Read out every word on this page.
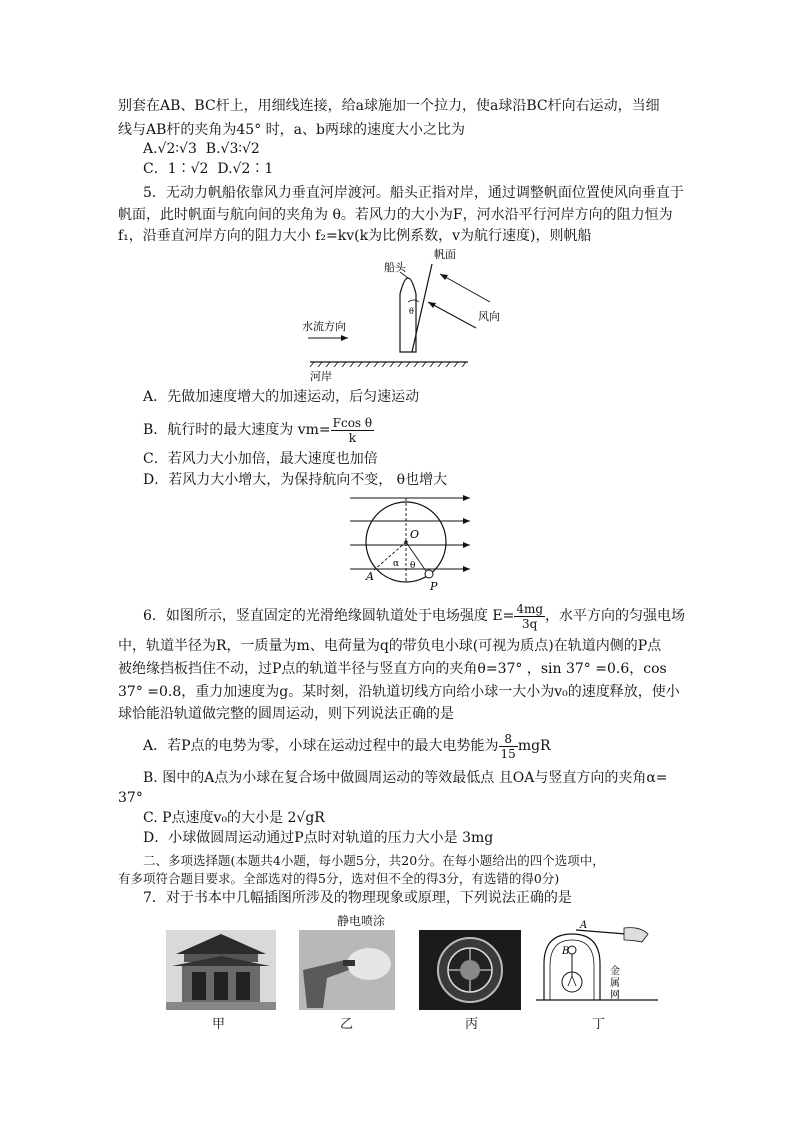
别套在AB、BC杆上，用细线连接，给a球施加一个拉力，使a球沿BC杆向右运动，当细
线与AB杆的夹角为45° 时，a、b两球的速度大小之比为
A.√2∶√3 B.√3∶√2
C．1∶√2 D.√2∶1
5．无动力帆船依靠风力垂直河岸渡河。船头正指对岸，通过调整帆面位置使风向垂直于
帆面，此时帆面与航向间的夹角为 θ。若风力的大小为F，河水沿平行河岸方向的阻力恒为
f₁，沿垂直河岸方向的阻力大小 f₂=kv(k为比例系数，v为航行速度)，则帆船
船头
帆面
θ	风向
水流方向
河岸
A．先做加速度增大的加速运动，后匀速运动
B．航行时的最大速度为 $vm= \frac{\text{Fcos θ}}{k}$
C．若风力大小加倍，最大速度也加倍
D．若风力大小增大，为保持航向不变， θ也增大
O
A
P
α θ
6．如图所示，竖直固定的光滑绝缘圆轨道处于电场强度 $E= \frac{4mg}{3q}$ ，水平方向的匀强电场
中，轨道半径为R，一质量为m、电荷量为q的带负电小球(可视为质点)在轨道内侧的P点
被绝缘挡板挡住不动，过P点的轨道半径与竖直方向的夹角θ=37° ，sin 37° =0.6，cos
37° =0.8，重力加速度为g。某时刻，沿轨道切线方向给小球一大小为v₀的速度释放，使小
球恰能沿轨道做完整的圆周运动，则下列说法正确的是
A．若P点的电势为零，小球在运动过程中的最大电势能为 $\frac{8}{15}$ mgR
B. 图中的A点为小球在复合场中做圆周运动的等效最低点 且OA与竖直方向的夹角α=
37°
C. P点速度v₀的大小是 2√gR
D．小球做圆周运动通过P点时对轨道的压力大小是 3mg
二、多项选择题(本题共4小题，每小题5分，共20分。在每小题给出的四个选项中，
有多项符合题目要求。全部选对的得5分，选对但不全的得3分，有选错的得0分)
7．对于书本中几幅插图所涉及的物理现象或原理，下列说法正确的是
静电喷涂	A
B
金 属 网
甲	乙	丙	丁
